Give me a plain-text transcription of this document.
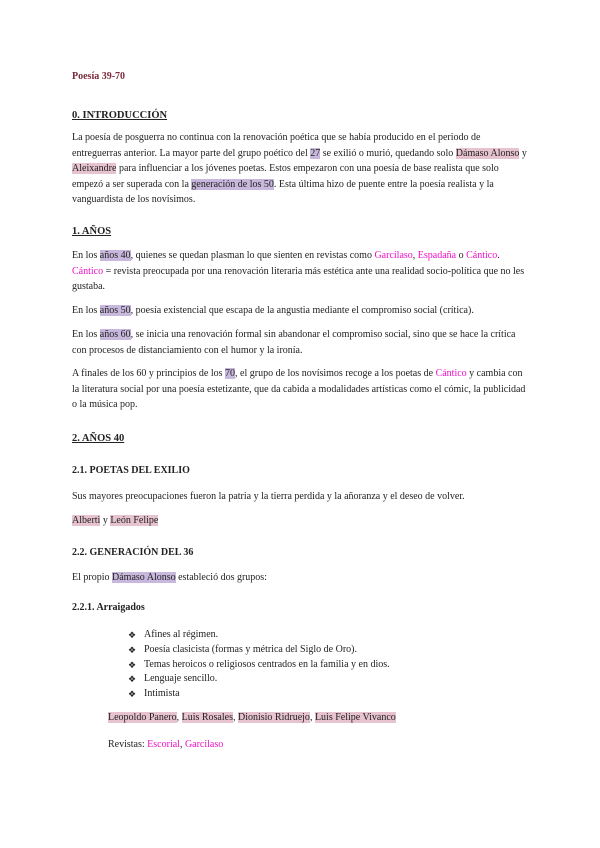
Poesía 39-70
0. INTRODUCCIÓN

La poesía de posguerra no continua con la renovación poética que se había producido en el periodo de entreguerras anterior. La mayor parte del grupo poético del 27 se exilió o murió, quedando solo Dámaso Alonso y Aleixandre para influenciar a los jóvenes poetas. Estos empezaron con una poesía de base realista que solo empezó a ser superada con la generación de los 50. Esta última hizo de puente entre la poesía realista y la vanguardista de los novísimos.

1. AÑOS

En los años 40, quienes se quedan plasman lo que sienten en revistas como Garcilaso, Espadaña o Cántico. Cántico = revista preocupada por una renovación literaria más estética ante una realidad socio-política que no les gustaba.

En los años 50, poesía existencial que escapa de la angustia mediante el compromiso social (crítica).

En los años 60, se inicia una renovación formal sin abandonar el compromiso social, sino que se hace la crítica con procesos de distanciamiento con el humor y la ironía.

A finales de los 60 y principios de los 70, el grupo de los novísimos recoge a los poetas de Cántico y cambia con la literatura social por una poesía estetizante, que da cabida a modalidades artísticas como el cómic, la publicidad o la música pop.

2. AÑOS 40
2.1. POETAS DEL EXILIO

Sus mayores preocupaciones fueron la patria y la tierra perdida y la añoranza y el deseo de volver.

Alberti y León Felipe

2.2. GENERACIÓN DEL 36

El propio Dámaso Alonso estableció dos grupos:

2.2.1. Arraigados
❖ Afines al régimen.
❖ Poesía clasicista (formas y métrica del Siglo de Oro).
❖ Temas heroicos o religiosos centrados en la familia y en dios.
❖ Lenguaje sencillo.
❖ Intimista

Leopoldo Panero, Luis Rosales, Dionisio Ridruejo, Luis Felipe Vivanco

Revistas: Escorial, Garcilaso
